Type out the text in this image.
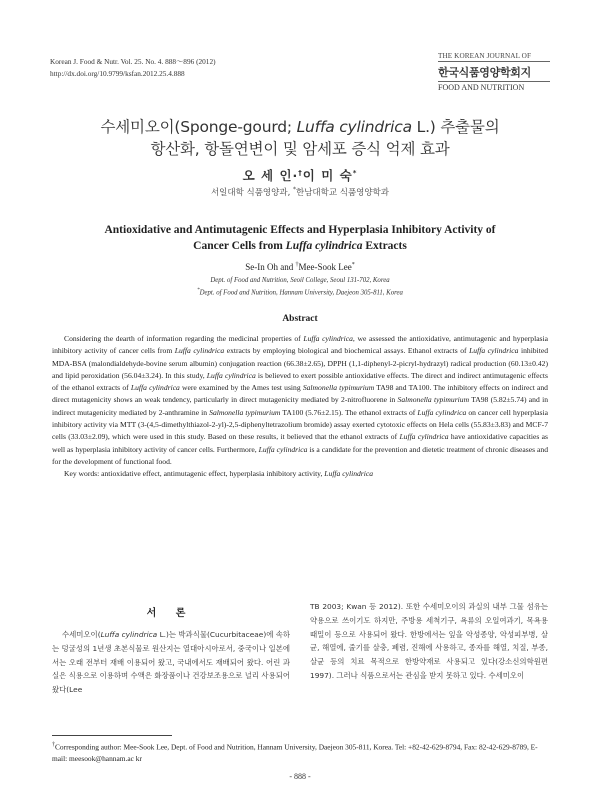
Korean J. Food & Nutr. Vol. 25. No. 4. 888～896 (2012)
http://dx.doi.org/10.9799/ksfan.2012.25.4.888
THE KOREAN JOURNAL OF
한국식품영양학회지
FOOD AND NUTRITION
수세미오이(Sponge-gourd; Luffa cylindrica L.) 추출물의
항산화, 항돌연변이 및 암세포 증식 억제 효과
오 세 인·†이 미 숙*
서일대학 식품영양과, *한남대학교 식품영양학과
Antioxidative and Antimutagenic Effects and Hyperplasia Inhibitory Activity of
Cancer Cells from Luffa cylindrica Extracts
Se-In Oh and †Mee-Sook Lee*
Dept. of Food and Nutrition, Seoil College, Seoul 131-702, Korea
*Dept. of Food and Nutrition, Hannam University, Daejeon 305-811, Korea
Abstract

Considering the dearth of information regarding the medicinal properties of Luffa cylindrica, we assessed the antioxidative, antimutagenic and hyperplasia inhibitory activity of cancer cells from Luffa cylindrica extracts by employing biological and biochemical assays. Ethanol extracts of Luffa cylindrica inhibited MDA-BSA (malondialdehyde-bovine serum albumin) conjugation reaction (66.38±2.65), DPPH (1,1-diphenyl-2-picryl-hydrazyl) radical production (60.13±0.42) and lipid peroxidation (56.04±3.24). In this study, Luffa cylindrica is believed to exert possible antioxidative effects. The direct and indirect antimutagenic effects of the ethanol extracts of Luffa cylindrica were examined by the Ames test using Salmonella typimurium TA98 and TA100. The inhibitory effects on indirect and direct mutagenicity shows an weak tendency, particularly in direct mutagenicity mediated by 2-nitrofluorene in Salmonella typimurium TA98 (5.82±5.74) and in indirect mutagenicity mediated by 2-anthramine in Salmonella typimurium TA100 (5.76±2.15). The ethanol extracts of Luffa cylindrica on cancer cell hyperplasia inhibitory activity via MTT (3-(4,5-dimethylthiazol-2-yl)-2,5-diphenyltetrazolium bromide) assay exerted cytotoxic effects on Hela cells (55.83±3.83) and MCF-7 cells (33.03±2.09), which were used in this study. Based on these results, it believed that the ethanol extracts of Luffa cylindrica have antioxidative capacities as well as hyperplasia inhibitory activity of cancer cells. Furthermore, Luffa cylindrica is a candidate for the prevention and dietetic treatment of chronic diseases and for the development of functional food.

Key words: antioxidative effect, antimutagenic effect, hyperplasia inhibitory activity, Luffa cylindrica

서 론

수세미오이(Luffa cylindrica L.)는 박과식물(Cucurbitaceae)에 속하는 덩굴성의 1년생 초본식물로 원산지는 열대아시아로서, 중국이나 일본에서는 오래 전부터 재배 이용되어 왔고, 국내에서도 재배되어 왔다. 어린 과실은 식용으로 이용하며 수액은 화장품이나 건강보조용으로 널리 사용되어 왔다(Lee

TB 2003; Kwan 등 2012). 또한 수세미오이의 과실의 내부 그물 섬유는 약용으로 쓰이기도 하지만, 주방용 세척기구, 욕류의 오일여과기, 목욕용 때밀이 등으로 사용되어 왔다. 한방에서는 잎을 악성종양, 악성피부병, 살균, 해열에, 줄기를 살충, 폐렴, 진해에 사용하고, 종자를 해열, 치질, 부종, 살균 등의 치료 목적으로 한방약재로 사용되고 있다(강소신의학원편 1997). 그러나 식품으로서는 관심을 받지 못하고 있다. 수세미오이

†Corresponding author: Mee-Sook Lee, Dept. of Food and Nutrition, Hannam University, Daejeon 305-811, Korea. Tel: +82-42-629-8794, Fax: 82-42-629-8789, E-mail: meesook@hannam.ac kr
- 888 -
